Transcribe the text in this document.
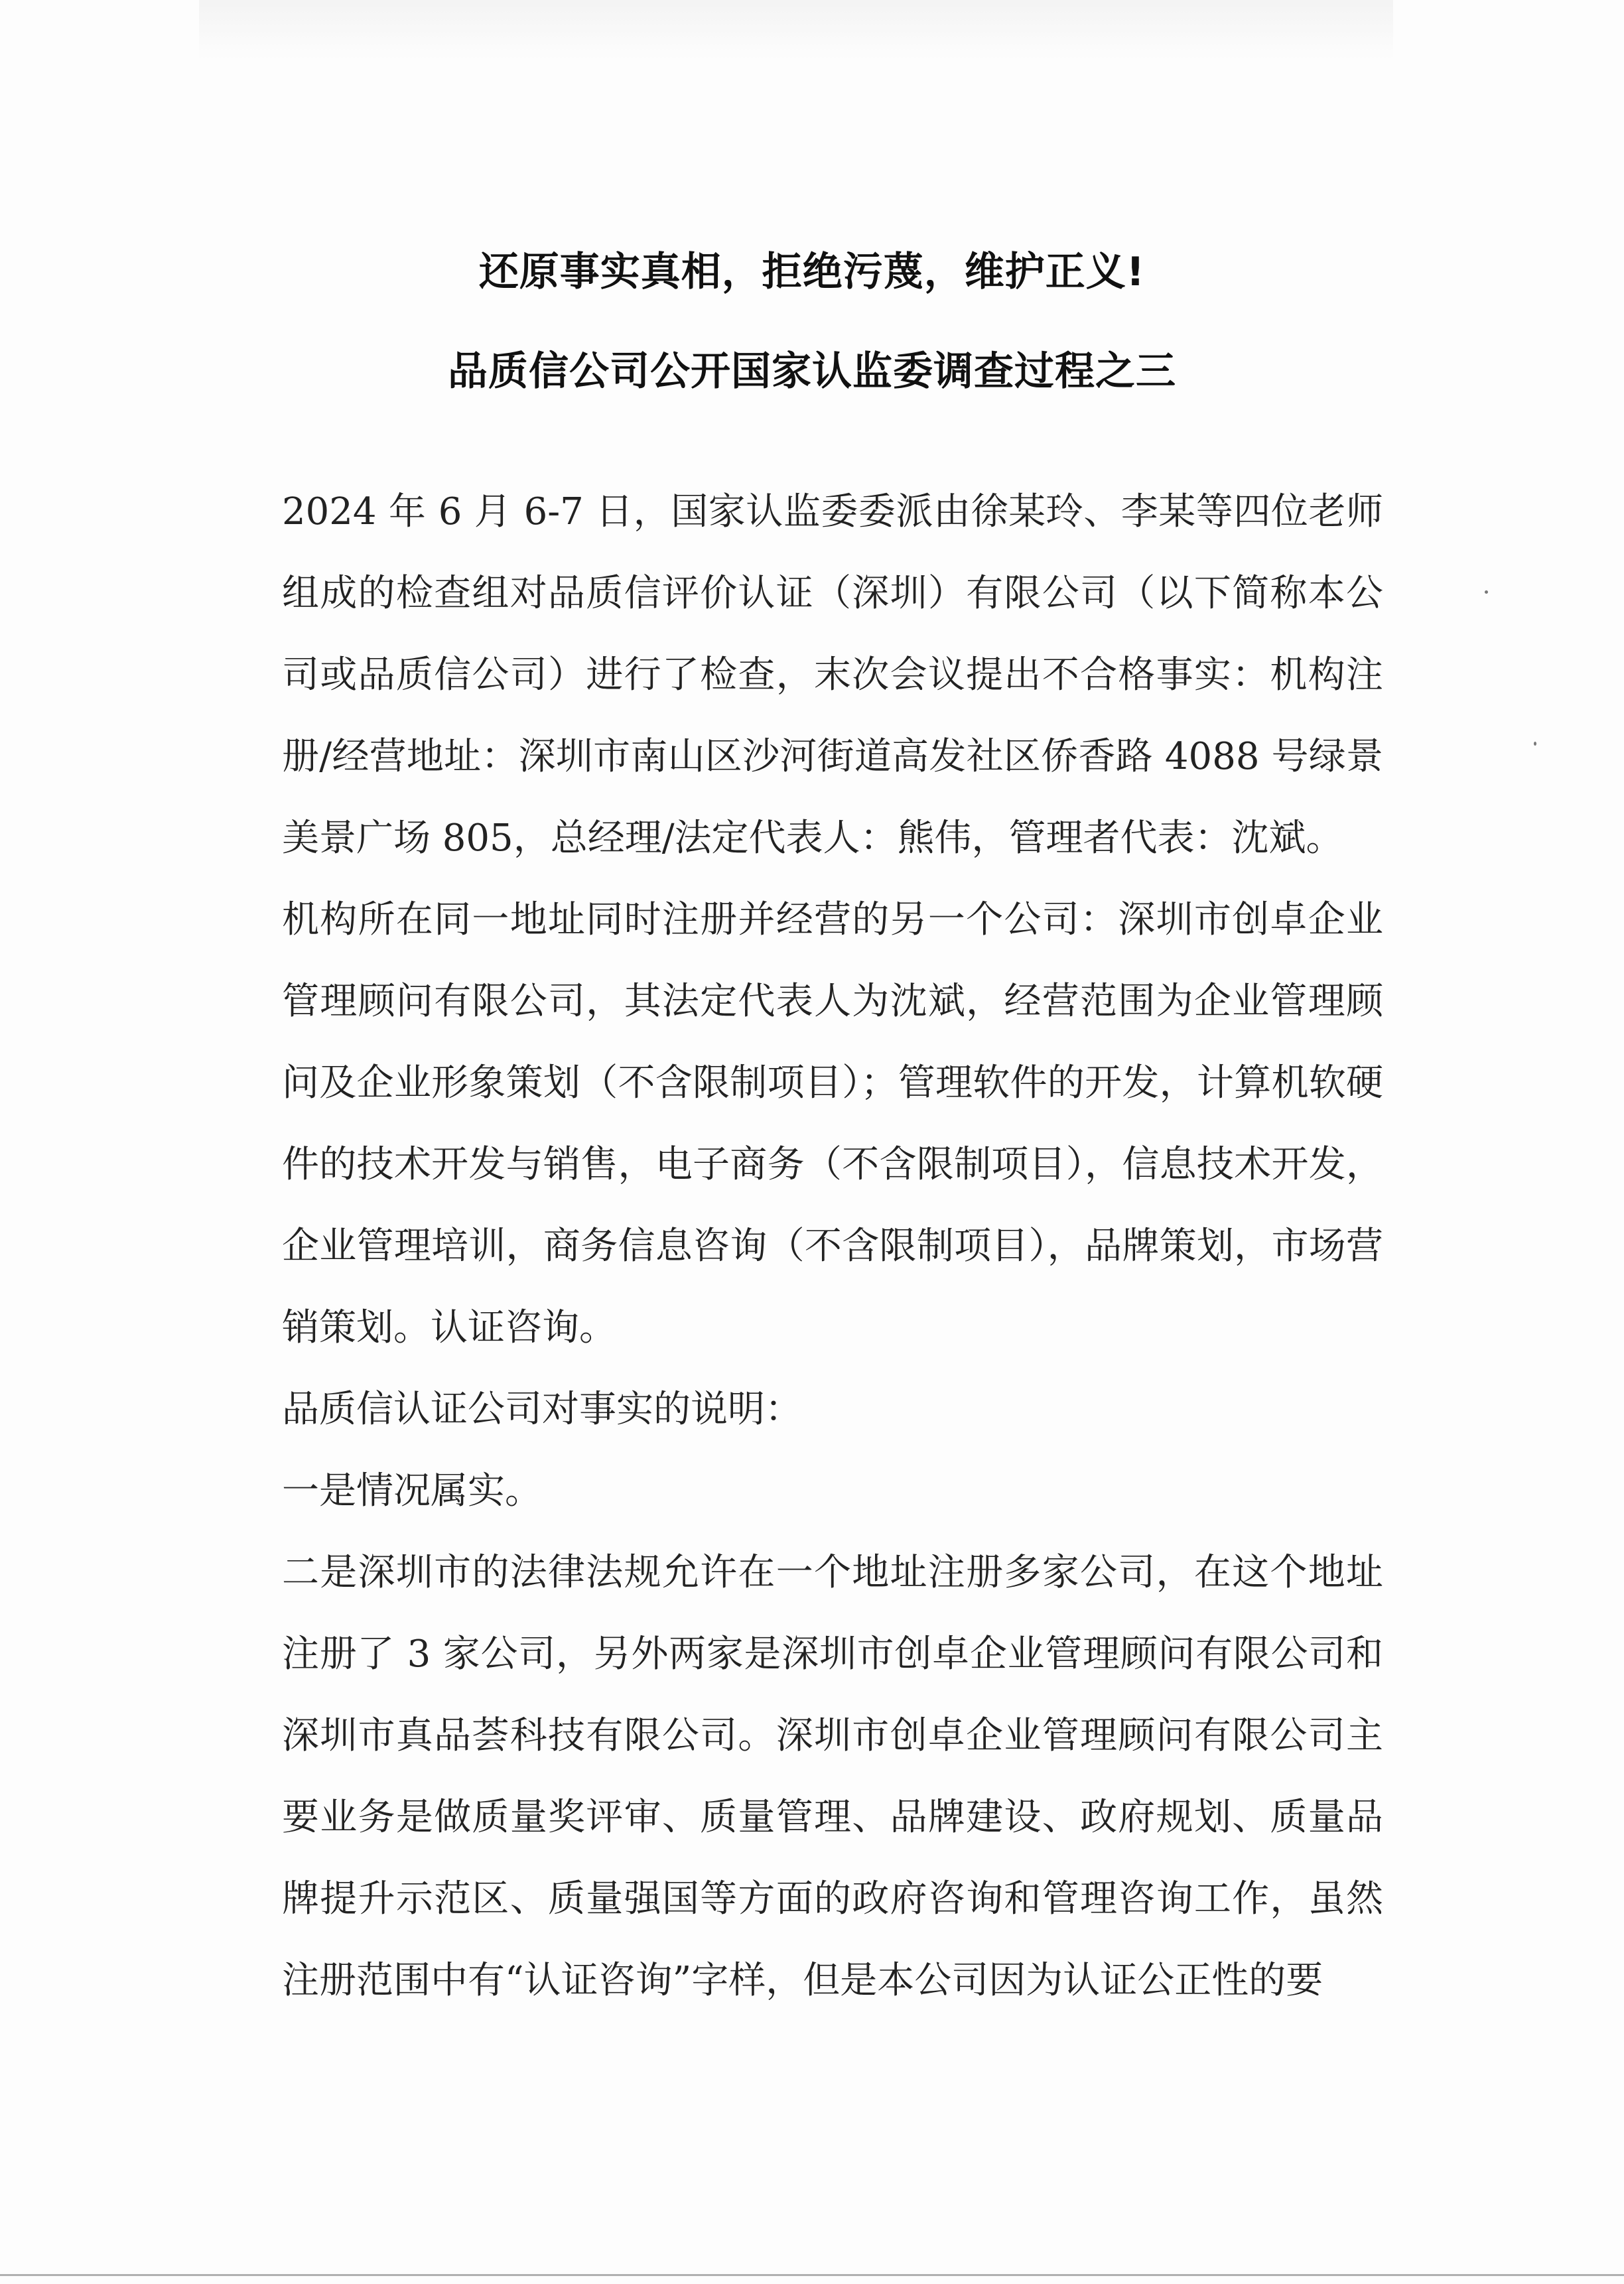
还原事实真相，拒绝污蔑，维护正义!
品质信公司公开国家认监委调查过程之三

2024 年 6 月 6-7 日，国家认监委委派由徐某玲、李某等四位老师组成的检查组对品质信评价认证（深圳）有限公司（以下简称本公司或品质信公司）进行了检查，末次会议提出不合格事实：机构注册/经营地址：深圳市南山区沙河街道高发社区侨香路 4088 号绿景美景广场 805，总经理/法定代表人：熊伟，管理者代表：沈斌。

机构所在同一地址同时注册并经营的另一个公司：深圳市创卓企业管理顾问有限公司，其法定代表人为沈斌，经营范围为企业管理顾问及企业形象策划（不含限制项目）；管理软件的开发，计算机软硬件的技术开发与销售，电子商务（不含限制项目），信息技术开发，企业管理培训，商务信息咨询（不含限制项目），品牌策划，市场营销策划。认证咨询。

品质信认证公司对事实的说明：

一是情况属实。

二是深圳市的法律法规允许在一个地址注册多家公司，在这个地址注册了 3 家公司，另外两家是深圳市创卓企业管理顾问有限公司和深圳市真品荟科技有限公司。深圳市创卓企业管理顾问有限公司主要业务是做质量奖评审、质量管理、品牌建设、政府规划、质量品牌提升示范区、质量强国等方面的政府咨询和管理咨询工作，虽然注册范围中有“认证咨询”字样，但是本公司因为认证公正性的要
